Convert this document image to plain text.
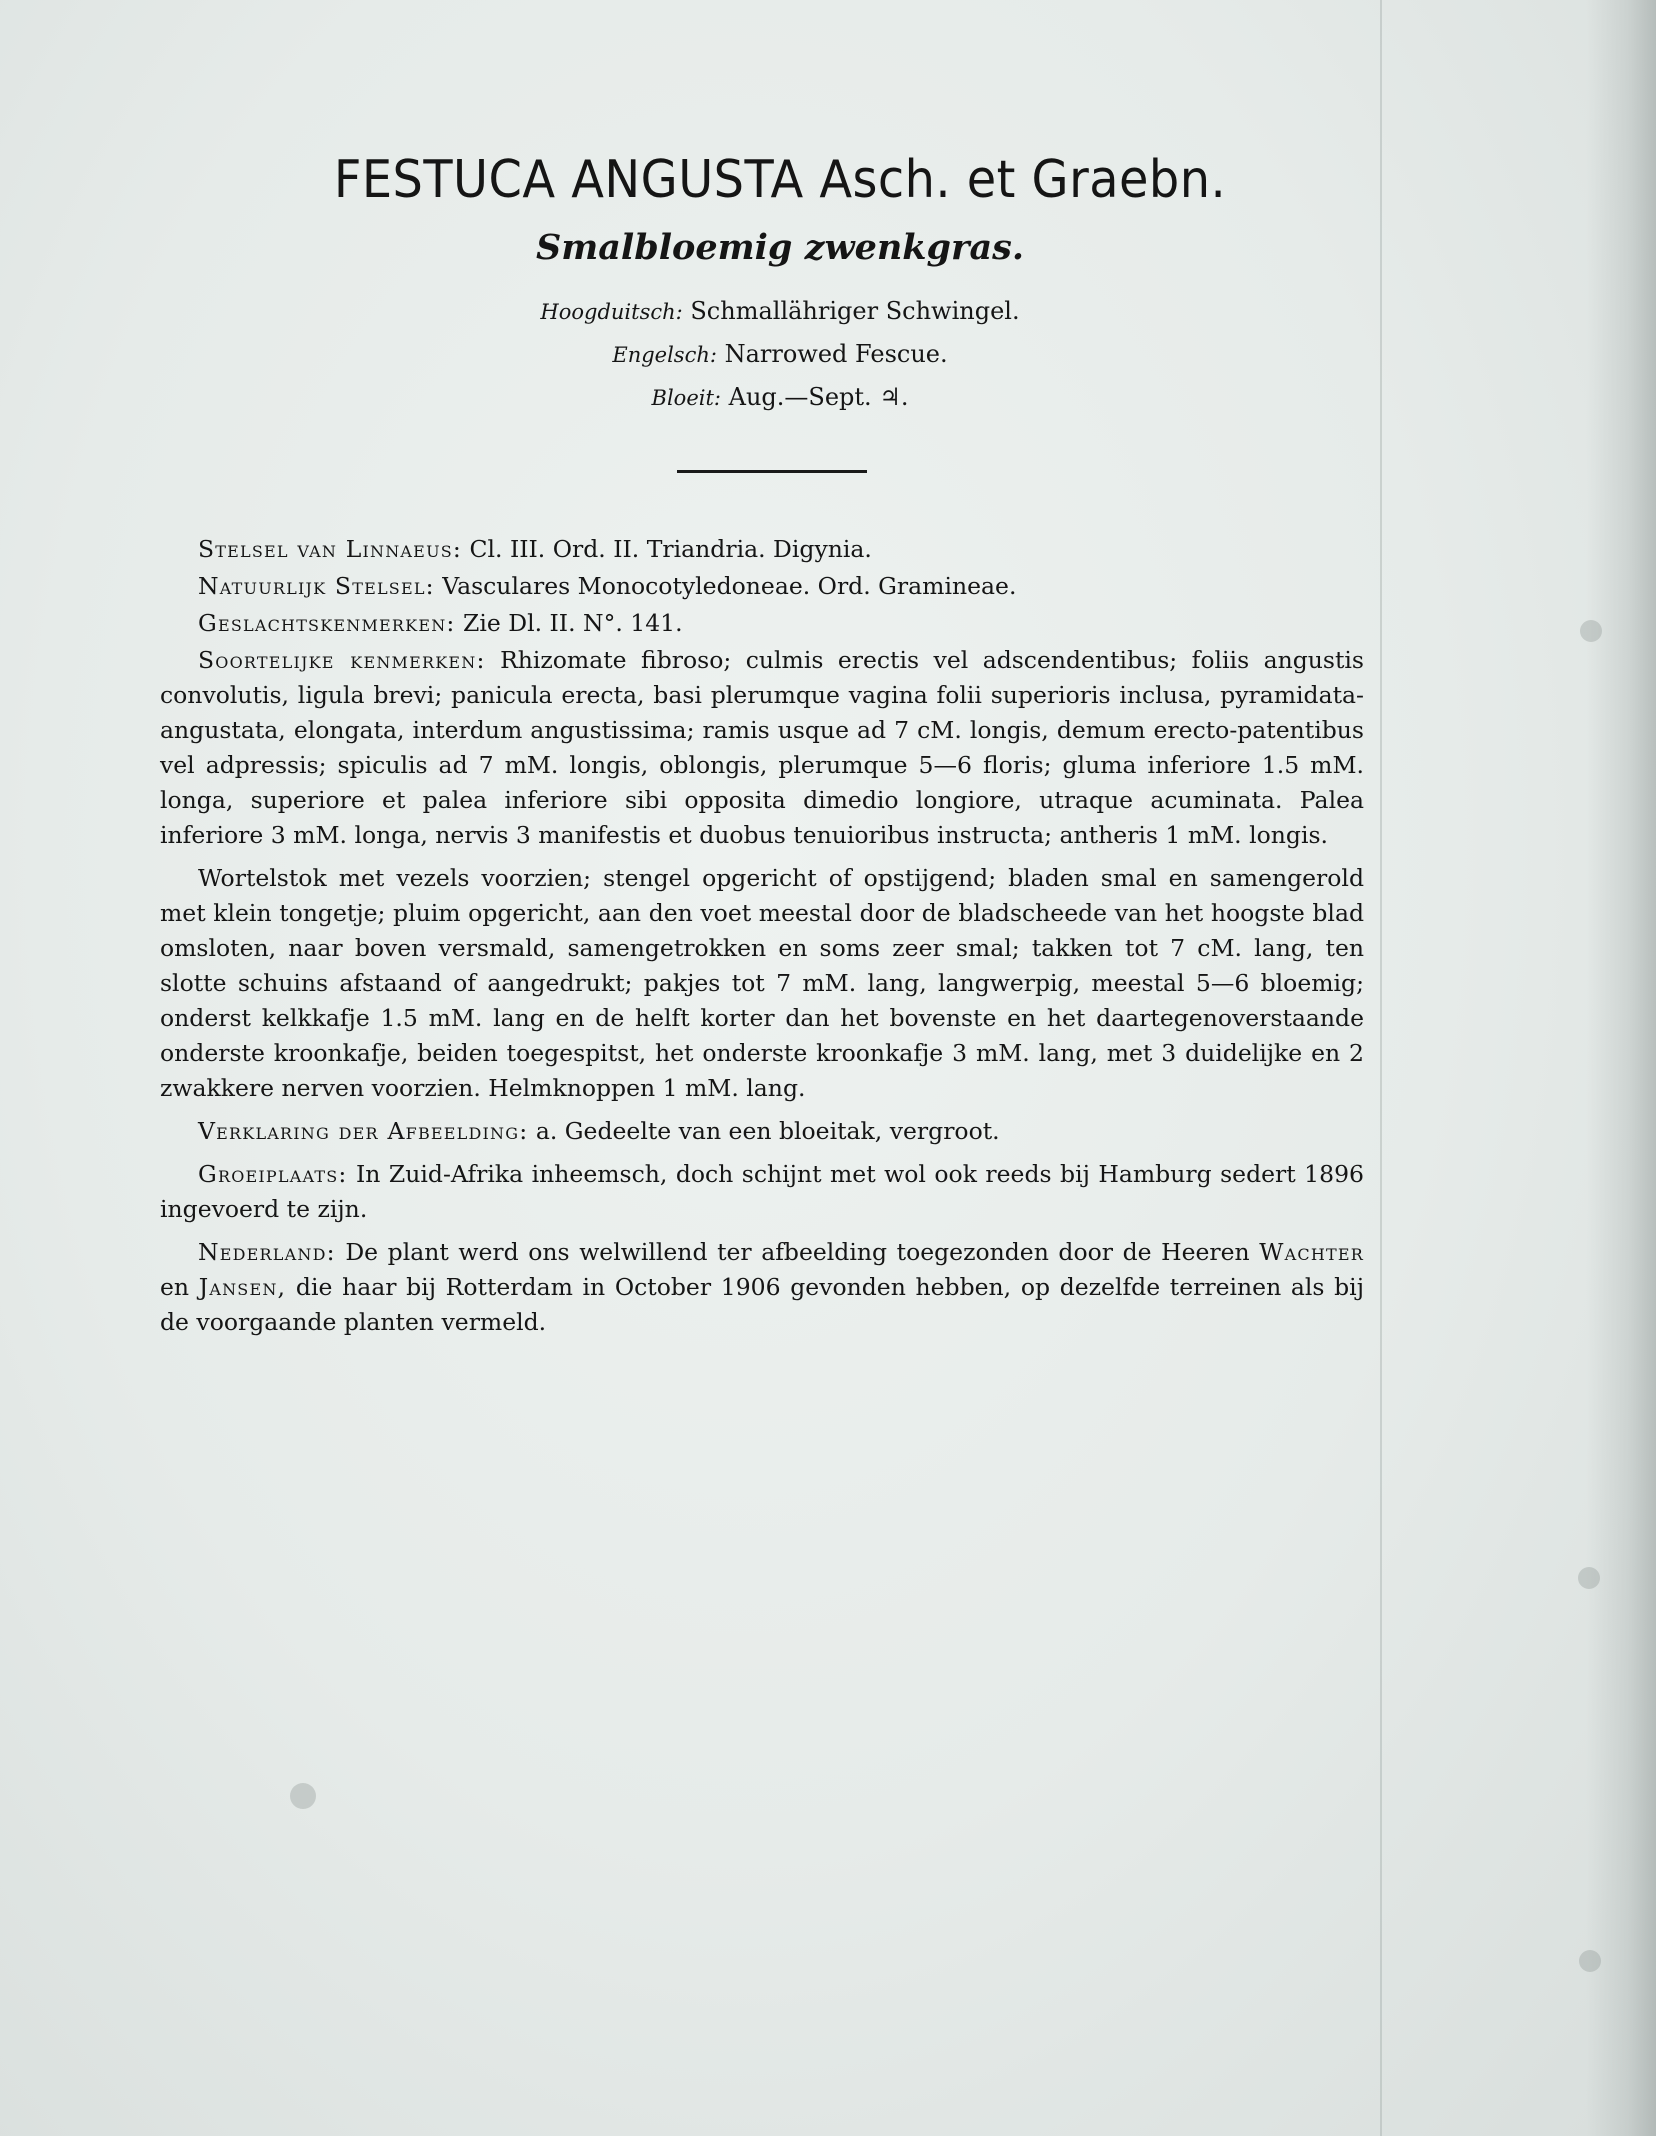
FESTUCA ANGUSTA Asch. et Graebn.
Smalbloemig zwenkgras.
Hoogduitsch: Schmallähriger Schwingel.
Engelsch: Narrowed Fescue.
Bloeit: Aug.—Sept. ♃.

Stelsel van Linnaeus: Cl. III. Ord. II. Triandria. Digynia.

Natuurlijk Stelsel: Vasculares Monocotyledoneae. Ord. Gramineae.

Geslachtskenmerken: Zie Dl. II. N°. 141.

Soortelijke kenmerken: Rhizomate fibroso; culmis erectis vel adscendentibus; foliis angustis convolutis, ligula brevi; panicula erecta, basi plerumque vagina folii superioris inclusa, pyramidata-angustata, elongata, interdum angustissima; ramis usque ad 7 cM. longis, demum erecto-patentibus vel adpressis; spiculis ad 7 mM. longis, oblongis, plerumque 5—6 floris; gluma inferiore 1.5 mM. longa, superiore et palea inferiore sibi opposita dimedio longiore, utraque acuminata. Palea inferiore 3 mM. longa, nervis 3 manifestis et duobus tenuioribus instructa; antheris 1 mM. longis.

Wortelstok met vezels voorzien; stengel opgericht of opstijgend; bladen smal en samengerold met klein tongetje; pluim opgericht, aan den voet meestal door de bladscheede van het hoogste blad omsloten, naar boven versmald, samengetrokken en soms zeer smal; takken tot 7 cM. lang, ten slotte schuins afstaand of aangedrukt; pakjes tot 7 mM. lang, langwerpig, meestal 5—6 bloemig; onderst kelkkafje 1.5 mM. lang en de helft korter dan het bovenste en het daartegenoverstaande onderste kroonkafje, beiden toegespitst, het onderste kroonkafje 3 mM. lang, met 3 duidelijke en 2 zwakkere nerven voorzien. Helmknoppen 1 mM. lang.

Verklaring der Afbeelding: a. Gedeelte van een bloeitak, vergroot.

Groeiplaats: In Zuid-Afrika inheemsch, doch schijnt met wol ook reeds bij Hamburg sedert 1896 ingevoerd te zijn.

Nederland: De plant werd ons welwillend ter afbeelding toegezonden door de Heeren Wachter en Jansen, die haar bij Rotterdam in October 1906 gevonden hebben, op dezelfde terreinen als bij de voorgaande planten vermeld.
